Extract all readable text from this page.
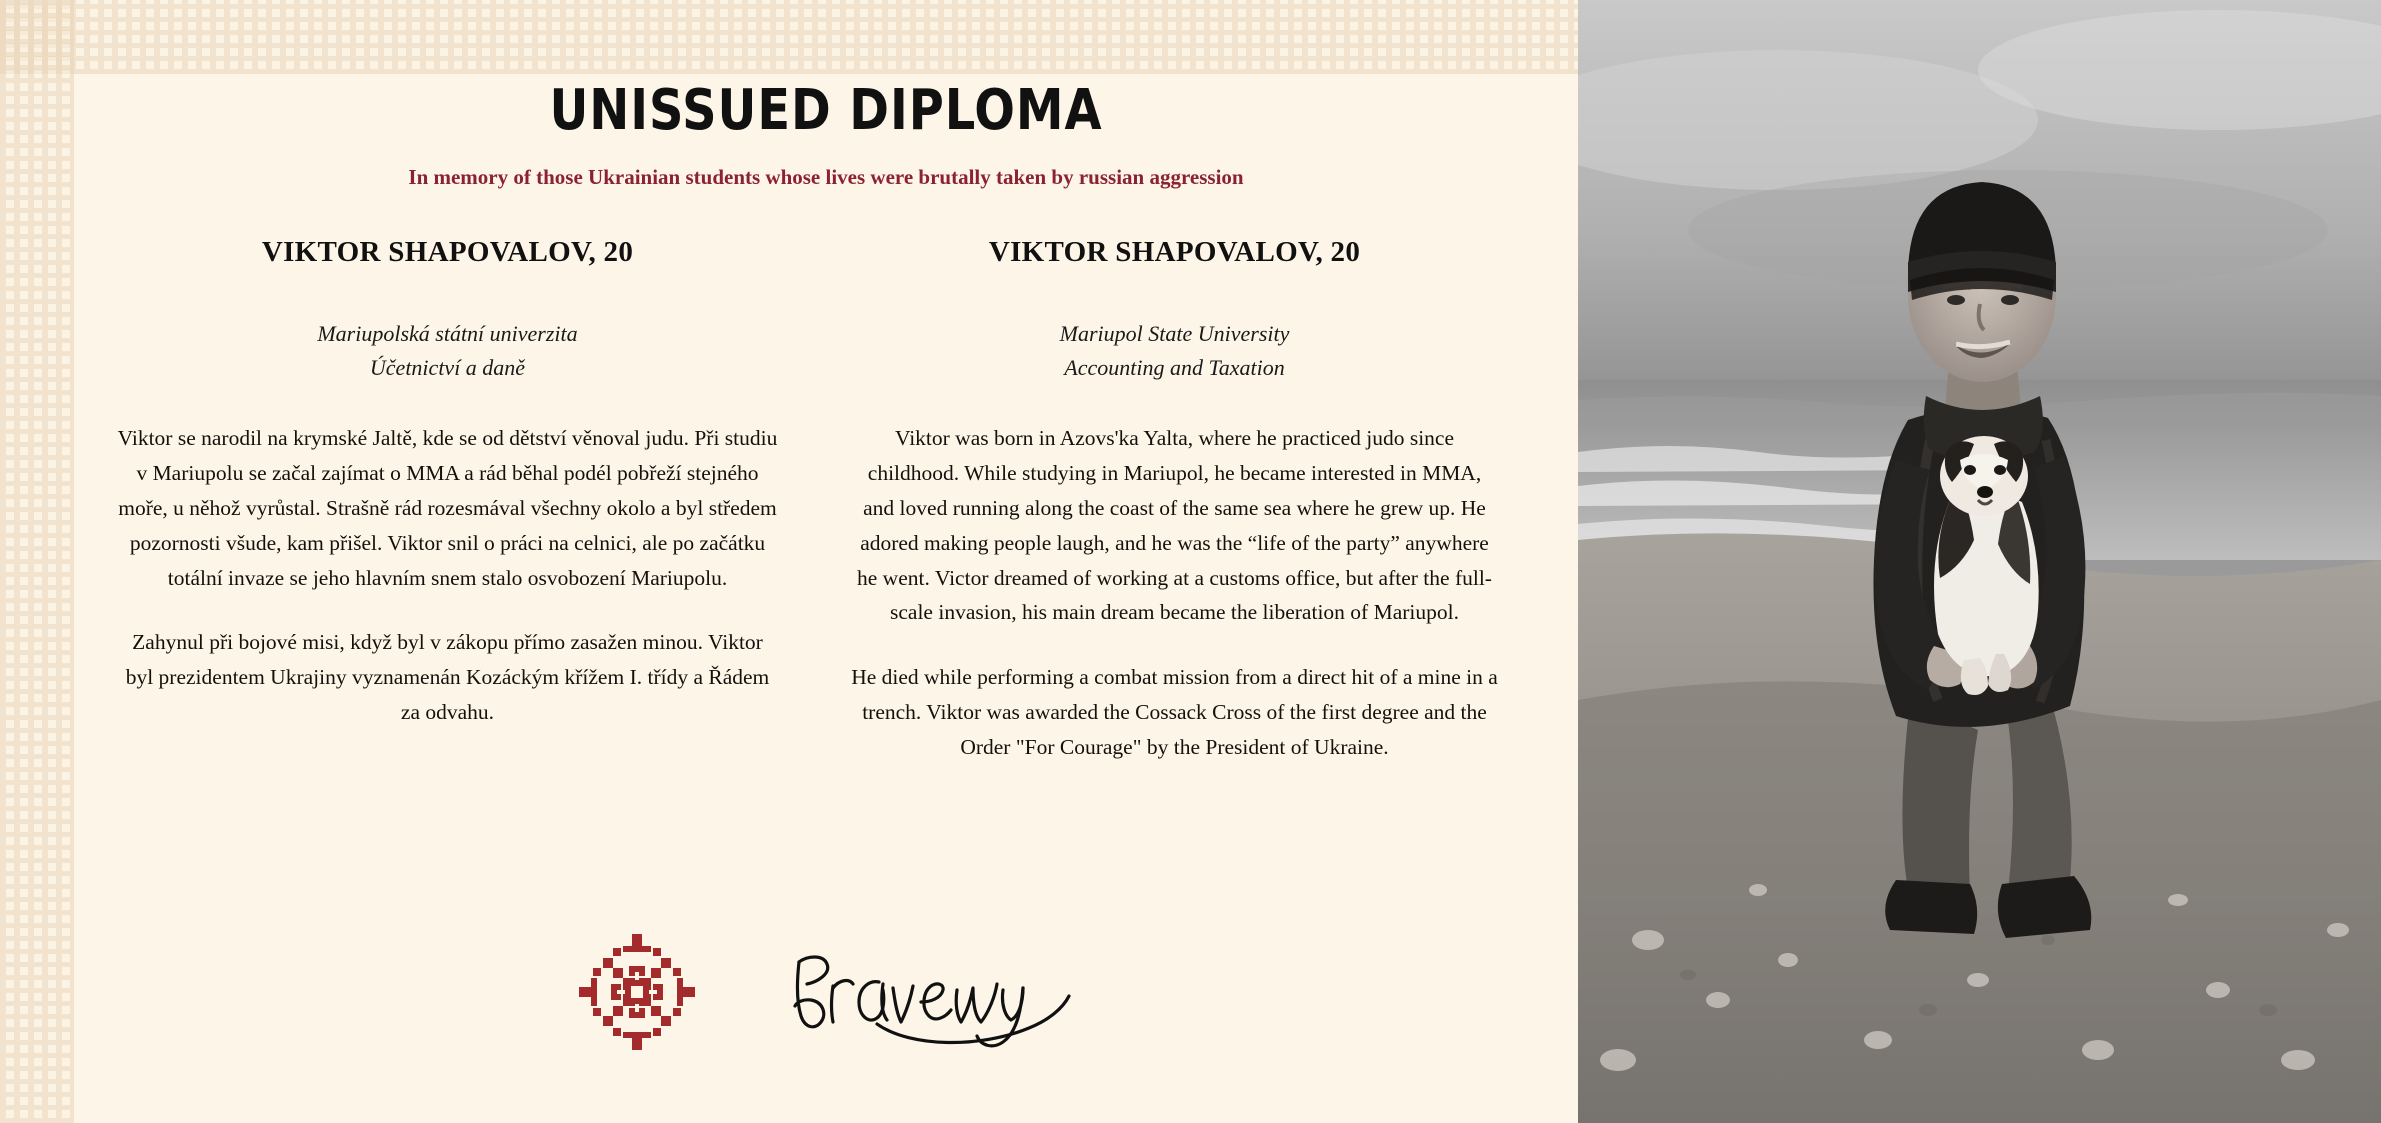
UNISSUED DIPLOMA
In memory of those Ukrainian students whose lives were brutally taken by russian aggression
VIKTOR SHAPOVALOV, 20
Mariupolská státní univerzita
Účetnictví a daně
Viktor se narodil na krymské Jaltě, kde se od dětství věnoval judu. Při studiu v Mariupolu se začal zajímat o MMA a rád běhal podél pobřeží stejného moře, u něhož vyrůstal. Strašně rád rozesmával všechny okolo a byl středem pozornosti všude, kam přišel. Viktor snil o práci na celnici, ale po začátku totální invaze se jeho hlavním snem stalo osvobození Mariupolu.
Zahynul při bojové misi, když byl v zákopu přímo zasažen minou. Viktor byl prezidentem Ukrajiny vyznamenán Kozáckým křížem I. třídy a Řádem za odvahu.
VIKTOR SHAPOVALOV, 20
Mariupol State University
Accounting and Taxation
Viktor was born in Azovs'ka Yalta, where he practiced judo since childhood. While studying in Mariupol, he became interested in MMA, and loved running along the coast of the same sea where he grew up. He adored making people laugh, and he was the “life of the party” anywhere he went. Victor dreamed of working at a customs office, but after the full-scale invasion, his main dream became the liberation of Mariupol.
He died while performing a combat mission from a direct hit of a mine in a trench. Viktor was awarded the Cossack Cross of the first degree and the Order "For Courage" by the President of Ukraine.
